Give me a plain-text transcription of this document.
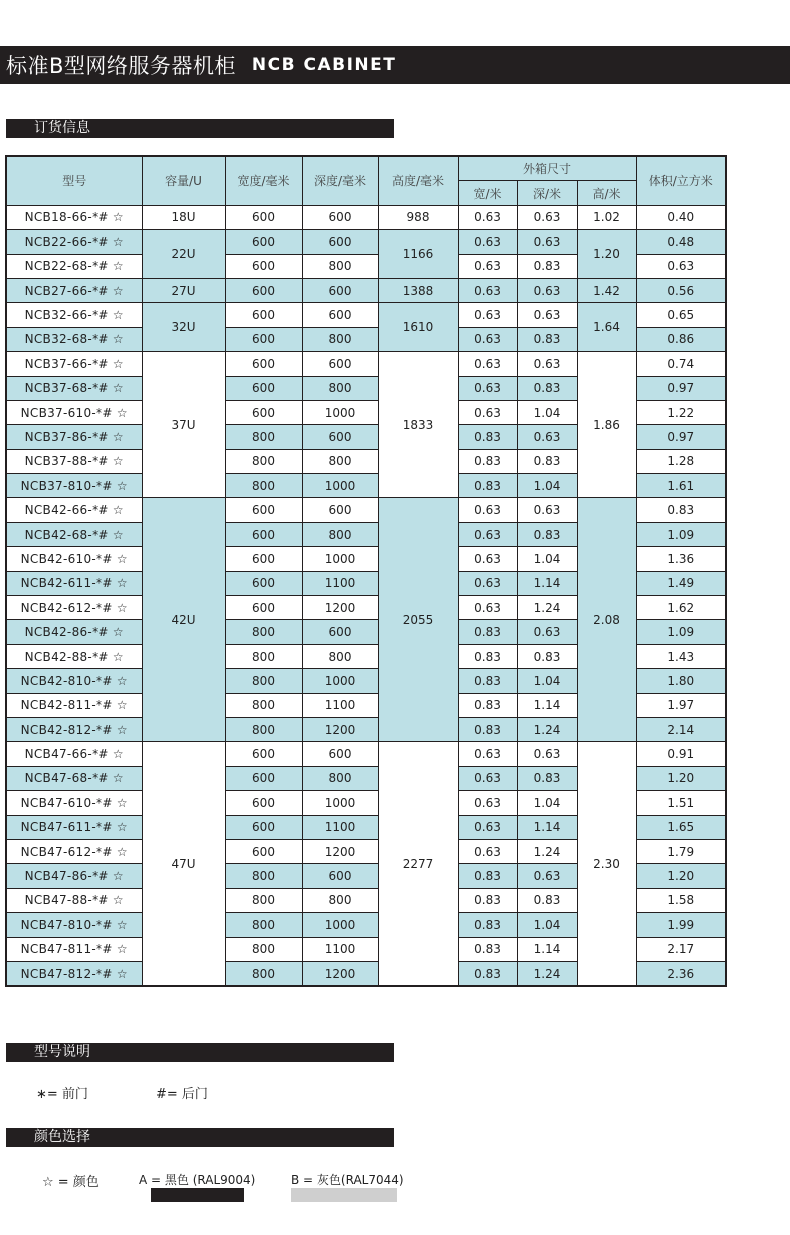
标准B型网络服务器机柜 NCB CABINET
订货信息
型号	容量/U	宽度/毫米	深度/毫米	高度/毫米	外箱尺寸			体积/立方米
					宽/米	深/米	高/米	
NCB18-66-*# ☆	18U	600	600	988	0.63	0.63	1.02	0.40
NCB22-66-*# ☆	22U	600	600	1166	0.63	0.63	1.20	0.48
NCB22-68-*# ☆		600	800		0.63	0.83		0.63
NCB27-66-*# ☆	27U	600	600	1388	0.63	0.63	1.42	0.56
NCB32-66-*# ☆	32U	600	600	1610	0.63	0.63	1.64	0.65
NCB32-68-*# ☆		600	800		0.63	0.83		0.86
NCB37-66-*# ☆	37U	600	600	1833	0.63	0.63	1.86	0.74
NCB37-68-*# ☆		600	800		0.63	0.83		0.97
NCB37-610-*# ☆		600	1000		0.63	1.04		1.22
NCB37-86-*# ☆		800	600		0.83	0.63		0.97
NCB37-88-*# ☆		800	800		0.83	0.83		1.28
NCB37-810-*# ☆		800	1000		0.83	1.04		1.61
NCB42-66-*# ☆	42U	600	600	2055	0.63	0.63	2.08	0.83
NCB42-68-*# ☆		600	800		0.63	0.83		1.09
NCB42-610-*# ☆		600	1000		0.63	1.04		1.36
NCB42-611-*# ☆		600	1100		0.63	1.14		1.49
NCB42-612-*# ☆		600	1200		0.63	1.24		1.62
NCB42-86-*# ☆		800	600		0.83	0.63		1.09
NCB42-88-*# ☆		800	800		0.83	0.83		1.43
NCB42-810-*# ☆		800	1000		0.83	1.04		1.80
NCB42-811-*# ☆		800	1100		0.83	1.14		1.97
NCB42-812-*# ☆		800	1200		0.83	1.24		2.14
NCB47-66-*# ☆	47U	600	600	2277	0.63	0.63	2.30	0.91
NCB47-68-*# ☆		600	800		0.63	0.83		1.20
NCB47-610-*# ☆		600	1000		0.63	1.04		1.51
NCB47-611-*# ☆		600	1100		0.63	1.14		1.65
NCB47-612-*# ☆		600	1200		0.63	1.24		1.79
NCB47-86-*# ☆		800	600		0.83	0.63		1.20
NCB47-88-*# ☆		800	800		0.83	0.83		1.58
NCB47-810-*# ☆		800	1000		0.83	1.04		1.99
NCB47-811-*# ☆		800	1100		0.83	1.14		2.17
NCB47-812-*# ☆		800	1200		0.83	1.24		2.36
型号说明
∗= 前门	#= 后门
颜色选择
☆ = 颜色	A = 黑色 (RAL9004)	B = 灰色(RAL7044)
